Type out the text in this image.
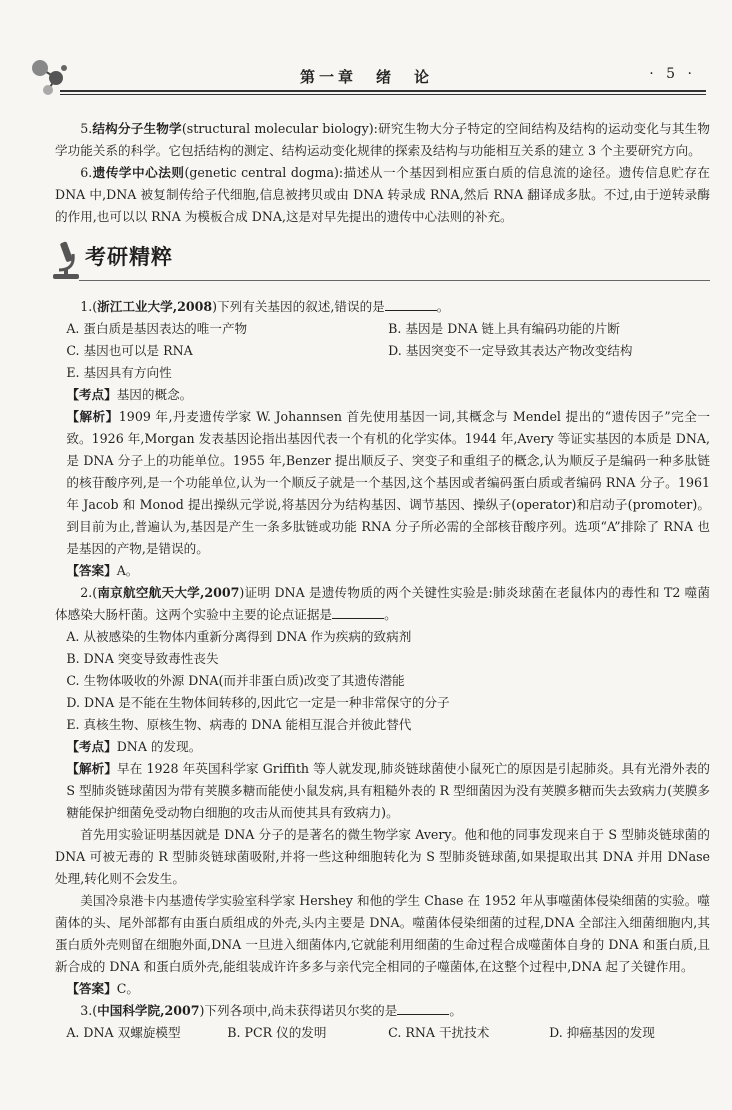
第一章　绪　论	· 5 ·

5.结构分子生物学(structural molecular biology):研究生物大分子特定的空间结构及结构的运动变化与其生物学功能关系的科学。它包括结构的测定、结构运动变化规律的探索及结构与功能相互关系的建立 3 个主要研究方向。

6.遗传学中心法则(genetic central dogma):描述从一个基因到相应蛋白质的信息流的途径。遗传信息贮存在 DNA 中,DNA 被复制传给子代细胞,信息被拷贝或由 DNA 转录成 RNA,然后 RNA 翻译成多肽。不过,由于逆转录酶的作用,也可以以 RNA 为模板合成 DNA,这是对早先提出的遗传中心法则的补充。

考研精粹

1.(浙江工业大学,2008)下列有关基因的叙述,错误的是	。

A. 蛋白质是基因表达的唯一产物	B. 基因是 DNA 链上具有编码功能的片断
C. 基因也可以是 RNA	D. 基因突变不一定导致其表达产物改变结构

E. 基因具有方向性

【考点】基因的概念。

【解析】1909 年,丹麦遗传学家 W. Johannsen 首先使用基因一词,其概念与 Mendel 提出的“遗传因子”完全一致。1926 年,Morgan 发表基因论指出基因代表一个有机的化学实体。1944 年,Avery 等证实基因的本质是 DNA,是 DNA 分子上的功能单位。1955 年,Benzer 提出顺反子、突变子和重组子的概念,认为顺反子是编码一种多肽链的核苷酸序列,是一个功能单位,认为一个顺反子就是一个基因,这个基因或者编码蛋白质或者编码 RNA 分子。1961 年 Jacob 和 Monod 提出操纵元学说,将基因分为结构基因、调节基因、操纵子(operator)和启动子(promoter)。到目前为止,普遍认为,基因是产生一条多肽链或功能 RNA 分子所必需的全部核苷酸序列。选项“A”排除了 RNA 也是基因的产物,是错误的。

【答案】A。

2.(南京航空航天大学,2007)证明 DNA 是遗传物质的两个关键性实验是:肺炎球菌在老鼠体内的毒性和 T2 噬菌体感染大肠杆菌。这两个实验中主要的论点证据是	。

A. 从被感染的生物体内重新分离得到 DNA 作为疾病的致病剂

B. DNA 突变导致毒性丧失

C. 生物体吸收的外源 DNA(而并非蛋白质)改变了其遗传潜能

D. DNA 是不能在生物体间转移的,因此它一定是一种非常保守的分子

E. 真核生物、原核生物、病毒的 DNA 能相互混合并彼此替代

【考点】DNA 的发现。

【解析】早在 1928 年英国科学家 Griffith 等人就发现,肺炎链球菌使小鼠死亡的原因是引起肺炎。具有光滑外表的 S 型肺炎链球菌因为带有荚膜多糖而能使小鼠发病,具有粗糙外表的 R 型细菌因为没有荚膜多糖而失去致病力(荚膜多糖能保护细菌免受动物白细胞的攻击从而使其具有致病力)。

首先用实验证明基因就是 DNA 分子的是著名的微生物学家 Avery。他和他的同事发现来自于 S 型肺炎链球菌的 DNA 可被无毒的 R 型肺炎链球菌吸附,并将一些这种细胞转化为 S 型肺炎链球菌,如果提取出其 DNA 并用 DNase 处理,转化则不会发生。

美国冷泉港卡内基遗传学实验室科学家 Hershey 和他的学生 Chase 在 1952 年从事噬菌体侵染细菌的实验。噬菌体的头、尾外部都有由蛋白质组成的外壳,头内主要是 DNA。噬菌体侵染细菌的过程,DNA 全部注入细菌细胞内,其蛋白质外壳则留在细胞外面,DNA 一旦进入细菌体内,它就能利用细菌的生命过程合成噬菌体自身的 DNA 和蛋白质,且新合成的 DNA 和蛋白质外壳,能组装成许许多多与亲代完全相同的子噬菌体,在这整个过程中,DNA 起了关键作用。

【答案】C。

3.(中国科学院,2007)下列各项中,尚未获得诺贝尔奖的是	。

A. DNA 双螺旋模型	B. PCR 仪的发明	C. RNA 干扰技术	D. 抑癌基因的发现
